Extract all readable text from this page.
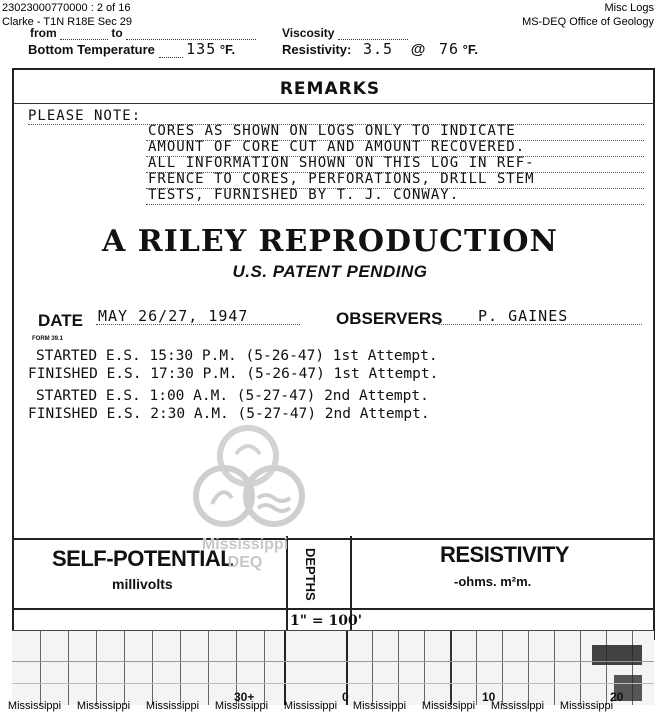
23023000770000 : 2 of 16
Clarke - T1N R18E Sec 29
Misc Logs
MS-DEQ Office of Geology
from	to	Viscosity
Bottom Temperature 135 °F.	Resistivity: 3.5 @ 76 °F.
REMARKS
PLEASE NOTE:
CORES AS SHOWN ON LOGS ONLY TO INDICATE
AMOUNT OF CORE CUT AND AMOUNT RECOVERED.
ALL INFORMATION SHOWN ON THIS LOG IN REF-
FRENCE TO CORES, PERFORATIONS, DRILL STEM
TESTS, FURNISHED BY T. J. CONWAY.
A RILEY REPRODUCTION
U.S. PATENT PENDING
DATE MAY 26/27, 1947	OBSERVERS P. GAINES
FORM 39.1
STARTED E.S. 15:30 P.M. (5-26-47) 1st Attempt.
FINISHED E.S. 17:30 P.M. (5-26-47) 1st Attempt.
STARTED E.S. 1:00 A.M. (5-27-47) 2nd Attempt.
FINISHED E.S. 2:30 A.M. (5-27-47) 2nd Attempt.
SELF-POTENTIAL
millivolts	DEPTHS
1" = 100'
RESISTIVITY
-ohms. m²m.
Mississippi
DEQ
30+	0	10	20
Mississippi Mississippi Mississippi Mississippi Mississippi Mississippi Mississippi Mississippi Mississippi
